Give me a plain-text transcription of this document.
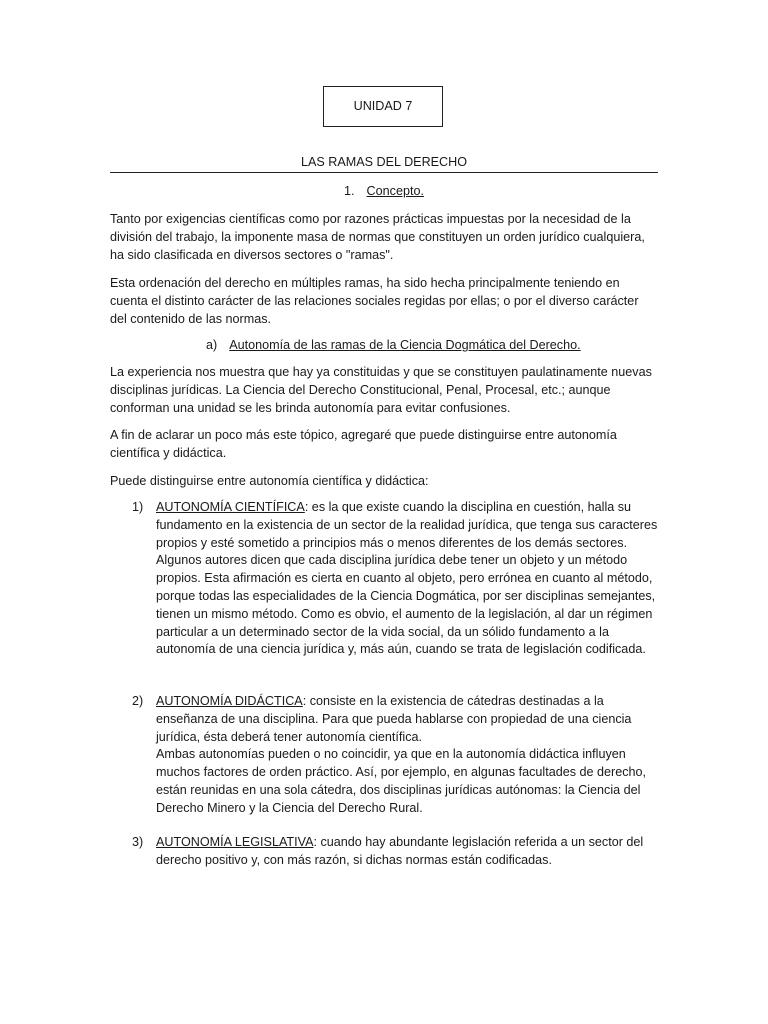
UNIDAD 7
LAS RAMAS DEL DERECHO
1. Concepto.

Tanto por exigencias científicas como por razones prácticas impuestas por la necesidad de la división del trabajo, la imponente masa de normas que constituyen un orden jurídico cualquiera, ha sido clasificada en diversos sectores o "ramas".

Esta ordenación del derecho en múltiples ramas, ha sido hecha principalmente teniendo en cuenta el distinto carácter de las relaciones sociales regidas por ellas; o por el diverso carácter del contenido de las normas.

a) Autonomía de las ramas de la Ciencia Dogmática del Derecho.

La experiencia nos muestra que hay ya constituidas y que se constituyen paulatinamente nuevas disciplinas jurídicas. La Ciencia del Derecho Constitucional, Penal, Procesal, etc.; aunque conforman una unidad se les brinda autonomía para evitar confusiones.

A fin de aclarar un poco más este tópico, agregaré que puede distinguirse entre autonomía científica y didáctica.

Puede distinguirse entre autonomía científica y didáctica:

1)	AUTONOMÍA CIENTÍFICA: es la que existe cuando la disciplina en cuestión, halla su fundamento en la existencia de un sector de la realidad jurídica, que tenga sus caracteres propios y esté sometido a principios más o menos diferentes de los demás sectores. Algunos autores dicen que cada disciplina jurídica debe tener un objeto y un método propios. Esta afirmación es cierta en cuanto al objeto, pero errónea en cuanto al método, porque todas las especialidades de la Ciencia Dogmática, por ser disciplinas semejantes, tienen un mismo método. Como es obvio, el aumento de la legislación, al dar un régimen particular a un determinado sector de la vida social, da un sólido fundamento a la autonomía de una ciencia jurídica y, más aún, cuando se trata de legislación codificada.
2)	AUTONOMÍA DIDÁCTICA: consiste en la existencia de cátedras destinadas a la enseñanza de una disciplina. Para que pueda hablarse con propiedad de una ciencia jurídica, ésta deberá tener autonomía científica.
Ambas autonomías pueden o no coincidir, ya que en la autonomía didáctica influyen muchos factores de orden práctico. Así, por ejemplo, en algunas facultades de derecho, están reunidas en una sola cátedra, dos disciplinas jurídicas autónomas: la Ciencia del Derecho Minero y la Ciencia del Derecho Rural.
3)	AUTONOMÍA LEGISLATIVA: cuando hay abundante legislación referida a un sector del derecho positivo y, con más razón, si dichas normas están codificadas.
